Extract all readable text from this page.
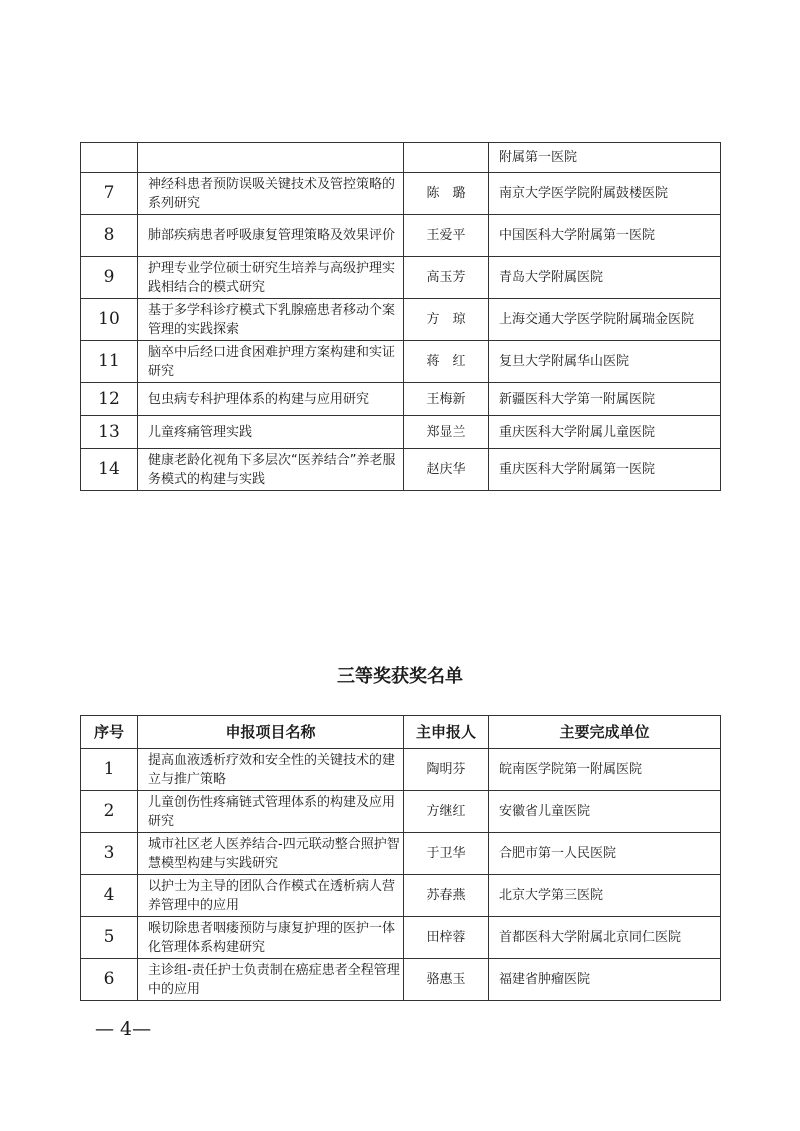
			附属第一医院
7	神经科患者预防误吸关键技术及管控策略的系列研究	陈　璐	南京大学医学院附属鼓楼医院
8	肺部疾病患者呼吸康复管理策略及效果评价	王爱平	中国医科大学附属第一医院
9	护理专业学位硕士研究生培养与高级护理实践相结合的模式研究	高玉芳	青岛大学附属医院
10	基于多学科诊疗模式下乳腺癌患者移动个案管理的实践探索	方　琼	上海交通大学医学院附属瑞金医院
11	脑卒中后经口进食困难护理方案构建和实证研究	蒋　红	复旦大学附属华山医院
12	包虫病专科护理体系的构建与应用研究	王梅新	新疆医科大学第一附属医院
13	儿童疼痛管理实践	郑显兰	重庆医科大学附属儿童医院
14	健康老龄化视角下多层次“医养结合”养老服务模式的构建与实践	赵庆华	重庆医科大学附属第一医院
三等奖获奖名单
序号	申报项目名称	主申报人	主要完成单位
1	提高血液透析疗效和安全性的关键技术的建立与推广策略	陶明芬	皖南医学院第一附属医院
2	儿童创伤性疼痛链式管理体系的构建及应用研究	方继红	安徽省儿童医院
3	城市社区老人医养结合-四元联动整合照护智慧模型构建与实践研究	于卫华	合肥市第一人民医院
4	以护士为主导的团队合作模式在透析病人营养管理中的应用	苏春燕	北京大学第三医院
5	喉切除患者咽瘘预防与康复护理的医护一体化管理体系构建研究	田梓蓉	首都医科大学附属北京同仁医院
6	主诊组-责任护士负责制在癌症患者全程管理中的应用	骆惠玉	福建省肿瘤医院
— 4—
